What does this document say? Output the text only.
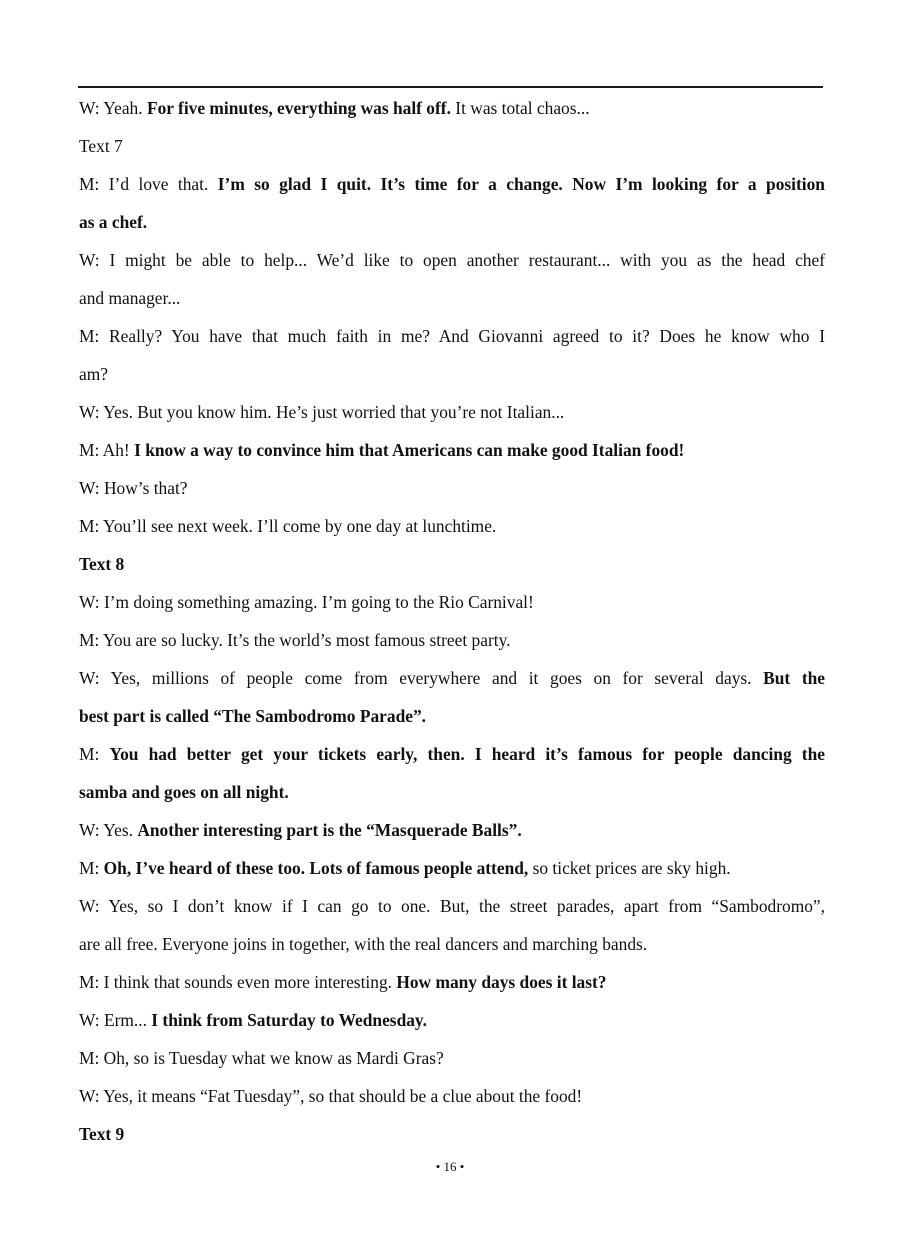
W: Yeah. For five minutes, everything was half off. It was total chaos...
Text 7
M: I’d love that. I’m so glad I quit. It’s time for a change. Now I’m looking for a position
as a chef.
W: I might be able to help... We’d like to open another restaurant... with you as the head chef
and manager...
M: Really? You have that much faith in me? And Giovanni agreed to it? Does he know who I
am?
W: Yes. But you know him. He’s just worried that you’re not Italian...
M: Ah! I know a way to convince him that Americans can make good Italian food!
W: How’s that?
M: You’ll see next week. I’ll come by one day at lunchtime.
Text 8
W: I’m doing something amazing. I’m going to the Rio Carnival!
M: You are so lucky. It’s the world’s most famous street party.
W: Yes, millions of people come from everywhere and it goes on for several days. But the
best part is called “The Sambodromo Parade”.
M: You had better get your tickets early, then. I heard it’s famous for people dancing the
samba and goes on all night.
W: Yes. Another interesting part is the “Masquerade Balls”.
M: Oh, I’ve heard of these too. Lots of famous people attend, so ticket prices are sky high.
W: Yes, so I don’t know if I can go to one. But, the street parades, apart from “Sambodromo”,
are all free. Everyone joins in together, with the real dancers and marching bands.
M: I think that sounds even more interesting. How many days does it last?
W: Erm... I think from Saturday to Wednesday.
M: Oh, so is Tuesday what we know as Mardi Gras?
W: Yes, it means “Fat Tuesday”, so that should be a clue about the food!
Text 9
• 16 •
